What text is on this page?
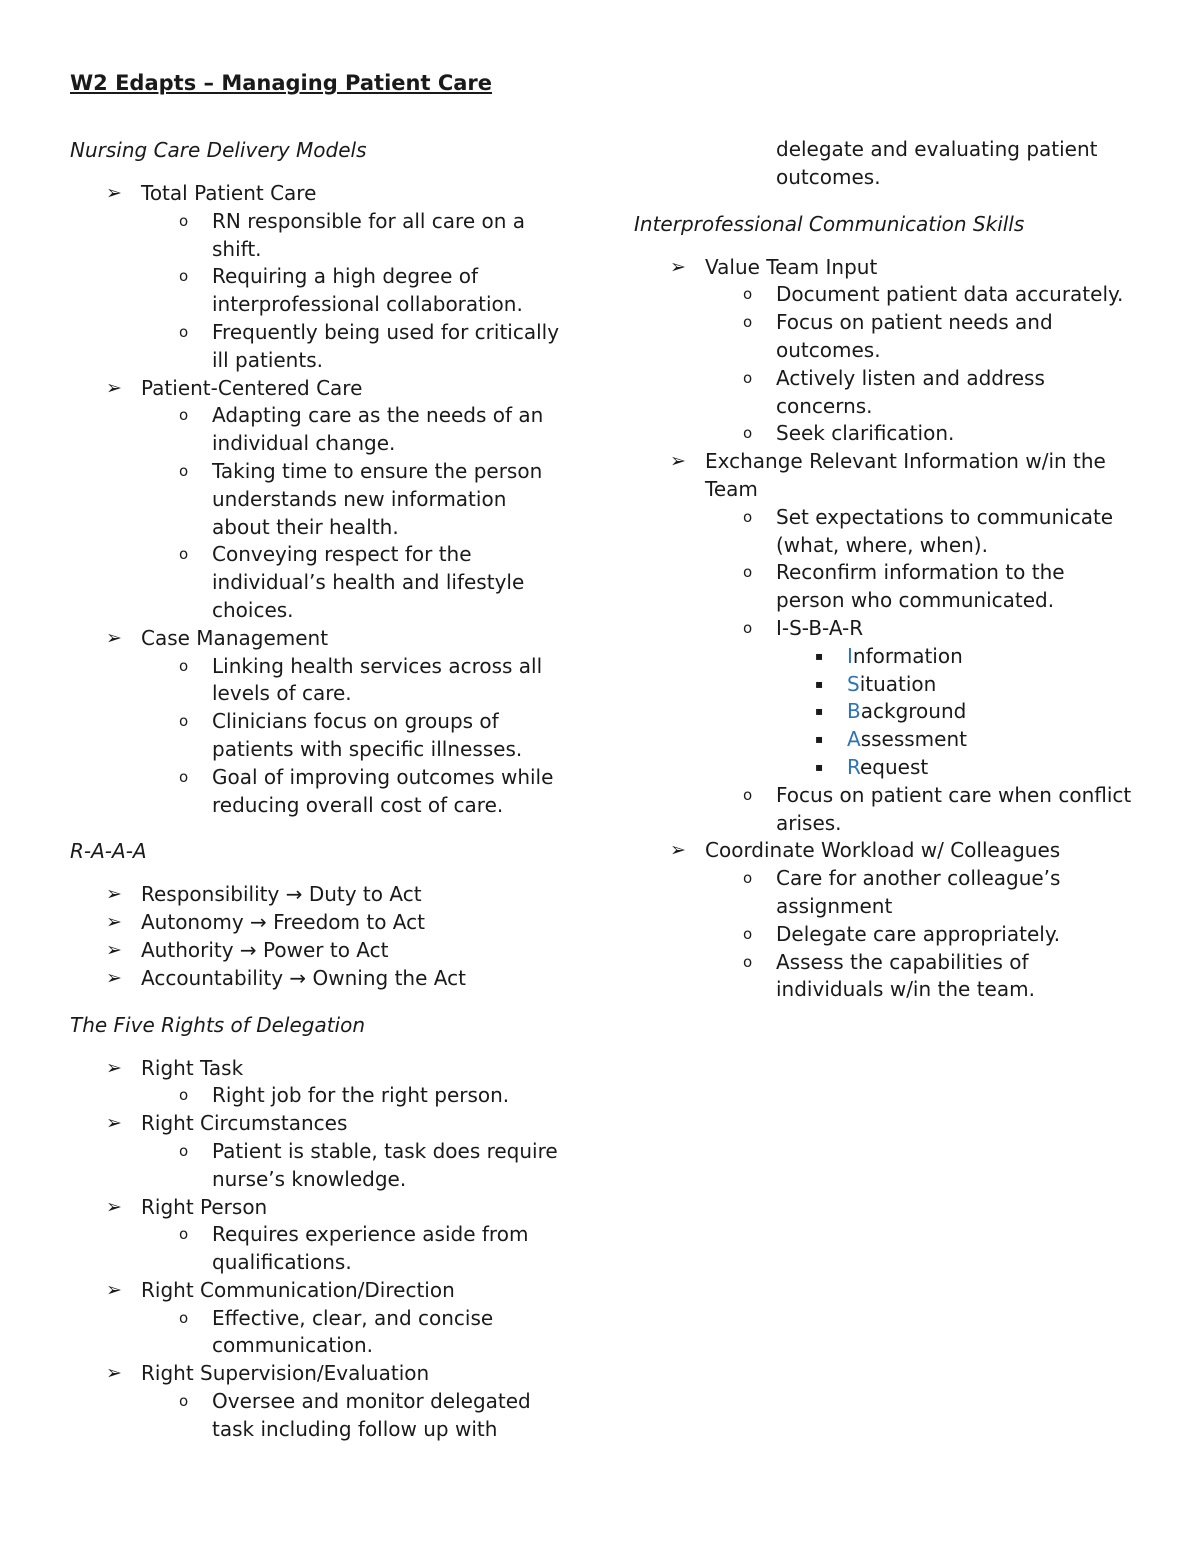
W2 Edapts – Managing Patient Care

Nursing Care Delivery Models

➢ Total Patient Care
o RN responsible for all care on a shift.
o Requiring a high degree of interprofessional collaboration.
o Frequently being used for critically ill patients.
➢ Patient-Centered Care
o Adapting care as the needs of an individual change.
o Taking time to ensure the person understands new information about their health.
o Conveying respect for the individual’s health and lifestyle choices.
➢ Case Management
o Linking health services across all levels of care.
o Clinicians focus on groups of patients with specific illnesses.
o Goal of improving outcomes while reducing overall cost of care.

R-A-A-A

➢ Responsibility → Duty to Act
➢ Autonomy → Freedom to Act
➢ Authority → Power to Act
➢ Accountability → Owning the Act

The Five Rights of Delegation

➢ Right Task
o Right job for the right person.
➢ Right Circumstances
o Patient is stable, task does require nurse’s knowledge.
➢ Right Person
o Requires experience aside from qualifications.
➢ Right Communication/Direction
o Effective, clear, and concise communication.
➢ Right Supervision/Evaluation
o Oversee and monitor delegated task including follow up with
delegate and evaluating patient outcomes.

Interprofessional Communication Skills

➢ Value Team Input
o Document patient data accurately.
o Focus on patient needs and outcomes.
o Actively listen and address concerns.
o Seek clarification.
➢ Exchange Relevant Information w/in the Team
o Set expectations to communicate (what, where, when).
o Reconfirm information to the person who communicated.
o I-S-B-A-R
▪ Information
▪ Situation
▪ Background
▪ Assessment
▪ Request
o Focus on patient care when conflict arises.
➢ Coordinate Workload w/ Colleagues
o Care for another colleague’s assignment
o Delegate care appropriately.
o Assess the capabilities of individuals w/in the team.
